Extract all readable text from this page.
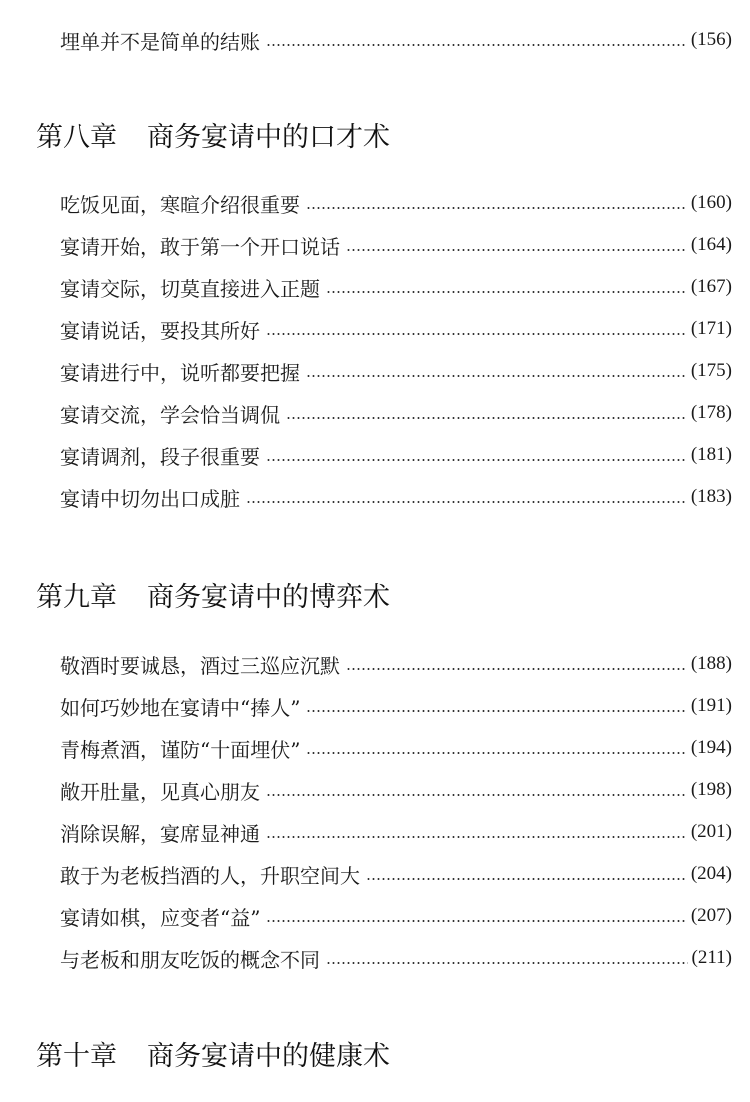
埋单并不是简单的结账	(156)
第八章 商务宴请中的口才术
吃饭见面，寒暄介绍很重要	(160)
宴请开始，敢于第一个开口说话	(164)
宴请交际，切莫直接进入正题	(167)
宴请说话，要投其所好	(171)
宴请进行中，说听都要把握	(175)
宴请交流，学会恰当调侃	(178)
宴请调剂，段子很重要	(181)
宴请中切勿出口成脏	(183)
第九章 商务宴请中的博弈术
敬酒时要诚恳，酒过三巡应沉默	(188)
如何巧妙地在宴请中“捧人”	(191)
青梅煮酒，谨防“十面埋伏”	(194)
敞开肚量，见真心朋友	(198)
消除误解，宴席显神通	(201)
敢于为老板挡酒的人，升职空间大	(204)
宴请如棋，应变者“益”	(207)
与老板和朋友吃饭的概念不同	(211)
第十章 商务宴请中的健康术
